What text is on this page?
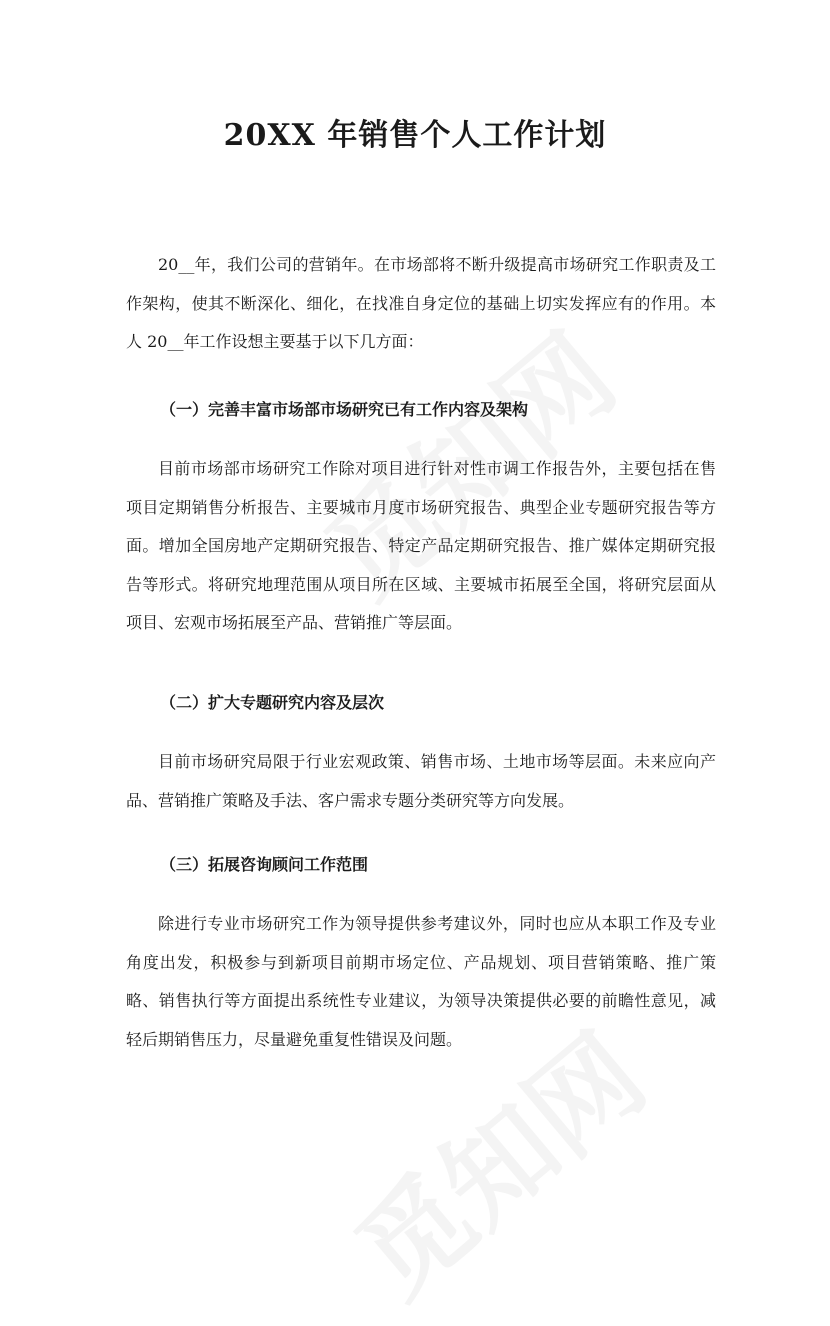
20XX 年销售个人工作计划

20__年，我们公司的营销年。在市场部将不断升级提高市场研究工作职责及工作架构，使其不断深化、细化，在找准自身定位的基础上切实发挥应有的作用。本人 20__年工作设想主要基于以下几方面：

（一）完善丰富市场部市场研究已有工作内容及架构

目前市场部市场研究工作除对项目进行针对性市调工作报告外，主要包括在售项目定期销售分析报告、主要城市月度市场研究报告、典型企业专题研究报告等方面。增加全国房地产定期研究报告、特定产品定期研究报告、推广媒体定期研究报告等形式。将研究地理范围从项目所在区域、主要城市拓展至全国，将研究层面从项目、宏观市场拓展至产品、营销推广等层面。

（二）扩大专题研究内容及层次

目前市场研究局限于行业宏观政策、销售市场、土地市场等层面。未来应向产品、营销推广策略及手法、客户需求专题分类研究等方向发展。

（三）拓展咨询顾问工作范围

除进行专业市场研究工作为领导提供参考建议外，同时也应从本职工作及专业角度出发，积极参与到新项目前期市场定位、产品规划、项目营销策略、推广策略、销售执行等方面提出系统性专业建议，为领导决策提供必要的前瞻性意见，减轻后期销售压力，尽量避免重复性错误及问题。
